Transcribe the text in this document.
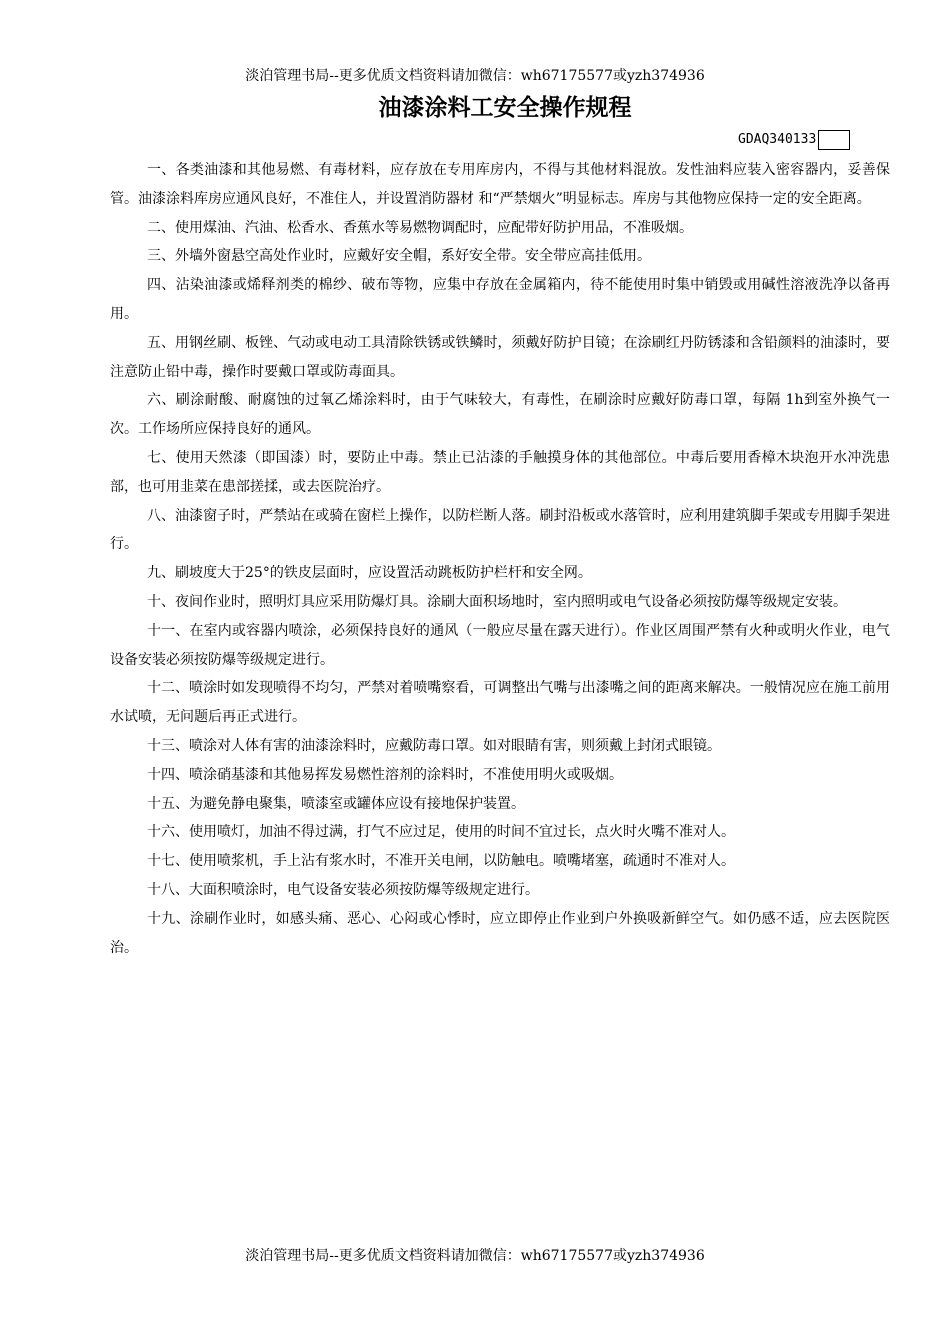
淡泊管理书局--更多优质文档资料请加微信：wh67175577或yzh374936
油漆涂料工安全操作规程
GDAQ340133

一、各类油漆和其他易燃、有毒材料，应存放在专用库房内，不得与其他材料混放。发性油料应装入密容器内，妥善保管。油漆涂料库房应通风良好，不准住人，并设置消防器材 和“严禁烟火”明显标志。库房与其他物应保持一定的安全距离。

二、使用煤油、汽油、松香水、香蕉水等易燃物调配时，应配带好防护用品，不准吸烟。

三、外墙外窗悬空高处作业时，应戴好安全帽，系好安全带。安全带应高挂低用。

四、沾染油漆或烯释剂类的棉纱、破布等物，应集中存放在金属箱内，待不能使用时集中销毁或用碱性溶液洗净以备再用。

五、用钢丝刷、板锉、气动或电动工具清除铁锈或铁鳞时，须戴好防护目镜；在涂刷红丹防锈漆和含铅颜料的油漆时，要注意防止铅中毒，操作时要戴口罩或防毒面具。

六、刷涂耐酸、耐腐蚀的过氧乙烯涂料时，由于气味较大，有毒性，在刷涂时应戴好防毒口罩，每隔 1h到室外换气一次。工作场所应保持良好的通风。

七、使用天然漆（即国漆）时，要防止中毒。禁止已沾漆的手触摸身体的其他部位。中毒后要用香樟木块泡开水冲洗患部，也可用韭菜在患部搓揉，或去医院治疗。

八、油漆窗子时，严禁站在或骑在窗栏上操作，以防栏断人落。刷封沿板或水落管时，应利用建筑脚手架或专用脚手架进行。

九、刷坡度大于25°的铁皮层面时，应设置活动跳板防护栏杆和安全网。

十、夜间作业时，照明灯具应采用防爆灯具。涂刷大面积场地时，室内照明或电气设备必须按防爆等级规定安装。

十一、在室内或容器内喷涂，必须保持良好的通风（一般应尽量在露天进行）。作业区周围严禁有火种或明火作业，电气设备安装必须按防爆等级规定进行。

十二、喷涂时如发现喷得不均匀，严禁对着喷嘴察看，可调整出气嘴与出漆嘴之间的距离来解决。一般情况应在施工前用水试喷，无问题后再正式进行。

十三、喷涂对人体有害的油漆涂料时，应戴防毒口罩。如对眼睛有害，则须戴上封闭式眼镜。

十四、喷涂硝基漆和其他易挥发易燃性溶剂的涂料时，不准使用明火或吸烟。

十五、为避免静电聚集，喷漆室或罐体应设有接地保护装置。

十六、使用喷灯，加油不得过满，打气不应过足，使用的时间不宜过长，点火时火嘴不准对人。

十七、使用喷浆机，手上沾有浆水时，不准开关电闸，以防触电。喷嘴堵塞，疏通时不准对人。

十八、大面积喷涂时，电气设备安装必须按防爆等级规定进行。

十九、涂刷作业时，如感头痛、恶心、心闷或心悸时，应立即停止作业到户外换吸新鲜空气。如仍感不适，应去医院医治。

淡泊管理书局--更多优质文档资料请加微信：wh67175577或yzh374936
